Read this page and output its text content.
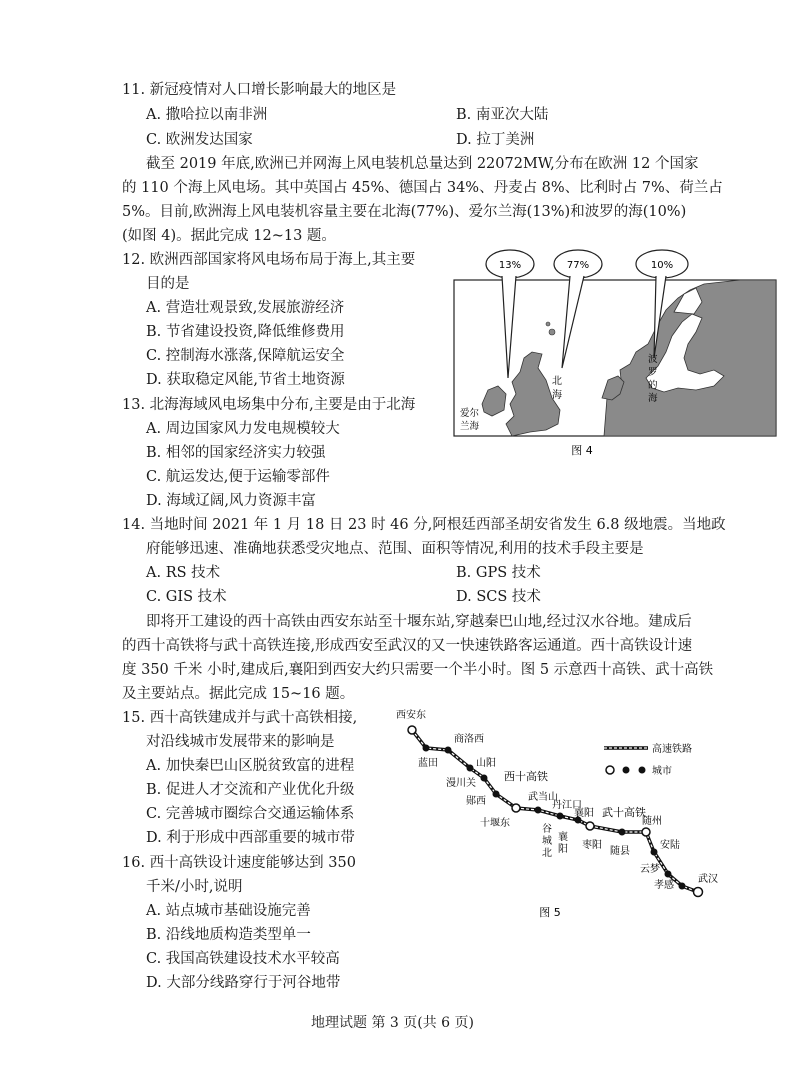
11. 新冠疫情对人口增长影响最大的地区是
A. 撒哈拉以南非洲	B. 南亚次大陆
C. 欧洲发达国家	D. 拉丁美洲
截至 2019 年底,欧洲已并网海上风电装机总量达到 22072MW,分布在欧洲 12 个国家
的 110 个海上风电场。其中英国占 45%、德国占 34%、丹麦占 8%、比利时占 7%、荷兰占
5%。目前,欧洲海上风电装机容量主要在北海(77%)、爱尔兰海(13%)和波罗的海(10%)
(如图 4)。据此完成 12~13 题。
12. 欧洲西部国家将风电场布局于海上,其主要
目的是
A. 营造壮观景致,发展旅游经济
B. 节省建设投资,降低维修费用
C. 控制海水涨落,保障航运安全
D. 获取稳定风能,节省土地资源
13. 北海海域风电场集中分布,主要是由于北海
A. 周边国家风力发电规模较大
B. 相邻的国家经济实力较强
C. 航运发达,便于运输零部件
D. 海域辽阔,风力资源丰富
13%	77%	10%
北
海
爱尔
兰海
波
罗
的
海
图 4
14. 当地时间 2021 年 1 月 18 日 23 时 46 分,阿根廷西部圣胡安省发生 6.8 级地震。当地政
府能够迅速、准确地获悉受灾地点、范围、面积等情况,利用的技术手段主要是
A. RS 技术	B. GPS 技术
C. GIS 技术	D. SCS 技术
即将开工建设的西十高铁由西安东站至十堰东站,穿越秦巴山地,经过汉水谷地。建成后
的西十高铁将与武十高铁连接,形成西安至武汉的又一快速铁路客运通道。西十高铁设计速
度 350 千米 小时,建成后,襄阳到西安大约只需要一个半小时。图 5 示意西十高铁、武十高铁
及主要站点。据此完成 15~16 题。
15. 西十高铁建成并与武十高铁相接,
对沿线城市发展带来的影响是
A. 加快秦巴山区脱贫致富的进程
B. 促进人才交流和产业优化升级
C. 完善城市圈综合交通运输体系
D. 利于形成中西部重要的城市带
16. 西十高铁设计速度能够达到 350
千米/小时,说明
A. 站点城市基础设施完善
B. 沿线地质构造类型单一
C. 我国高铁建设技术水平较高
D. 大部分线路穿行于河谷地带
西安东
蓝田
商洛西
山阳
漫川关
郧西
十堰东
武当山
丹江口
谷
城
北
襄
阳
襄阳
枣阳
随州
随县
安陆
云梦
孝感
武汉
西十高铁
武十高铁
高速铁路
城市
图 5
地理试题 第 3 页(共 6 页)
